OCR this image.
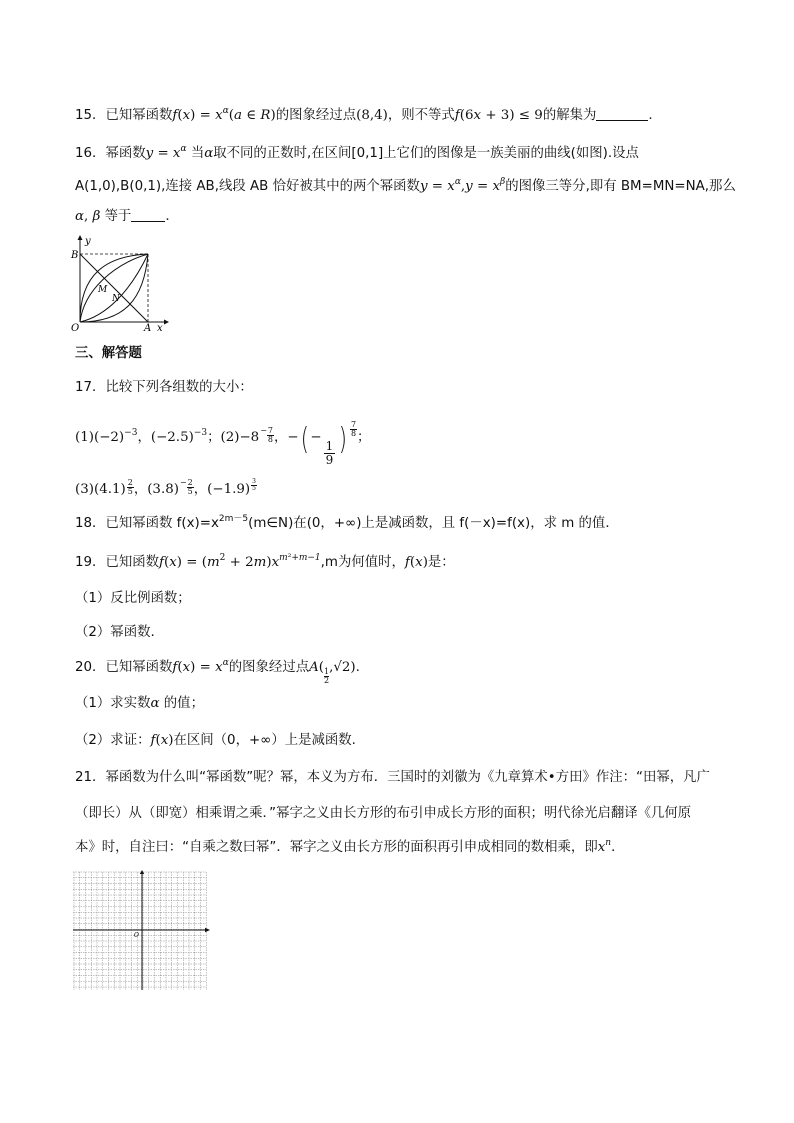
15．已知幂函数$f(x) = x^\alpha(a$ ∈ R)的图象经过点(8,4)，则不等式f(6x + 3) ≤ 9的解集为	.
16．幂函数$y = x^\alpha$ 当α取不同的正数时,在区间[0,1]上它们的图像是一族美丽的曲线(如图).设点
A(1,0),B(0,1),连接 AB,线段 AB 恰好被其中的两个幂函数$y = x^\alpha,y = x^\beta$的图像三等分,即有 BM=MN=NA,那么
α, β 等于	.
y
B
O	A x
M
N
三、解答题
17．比较下列各组数的大小：
$(1)(-2)^{-3}$，$(-2.5)^{-3}$；$(2)-8 - \frac{7}{8}$ ，−( −
$\frac{1}{9}$ ) $\frac{7}{8}$ ；
$(3)(4.1) \frac{2}{5}$ ，$(3.8) - \frac{2}{5}$ ，$(-1.9) \frac{3}{5}$
18．已知幂函数 $f(x)=x^{2m-5}(m\in N)$在(0，+∞)上是减函数，且 f(－x)=f(x)，求 m 的值．
19．已知函数$f(x) = (m^2 + 2m)x^{m^2+m-1},m$为何值时，f(x)是：
（1）反比例函数；
（2）幂函数.
20．已知幂函数$f(x) = x^\alpha$的图象经过点A(
$\frac{1}{2}$
,√2).
（1）求实数α 的值；
（2）求证：f(x)在区间（0，+∞）上是减函数.
21．幂函数为什么叫“幂函数”呢？幂，本义为方布．三国时的刘徽为《九章算术•方田》作注：“田幂，凡广
（即长）从（即宽）相乘谓之乘．”幂字之义由长方形的布引申成长方形的面积；明代徐光启翻译《几何原
本》时，自注曰：“自乘之数曰幂”．幂字之义由长方形的面积再引申成相同的数相乘，即$x^n$．
O
